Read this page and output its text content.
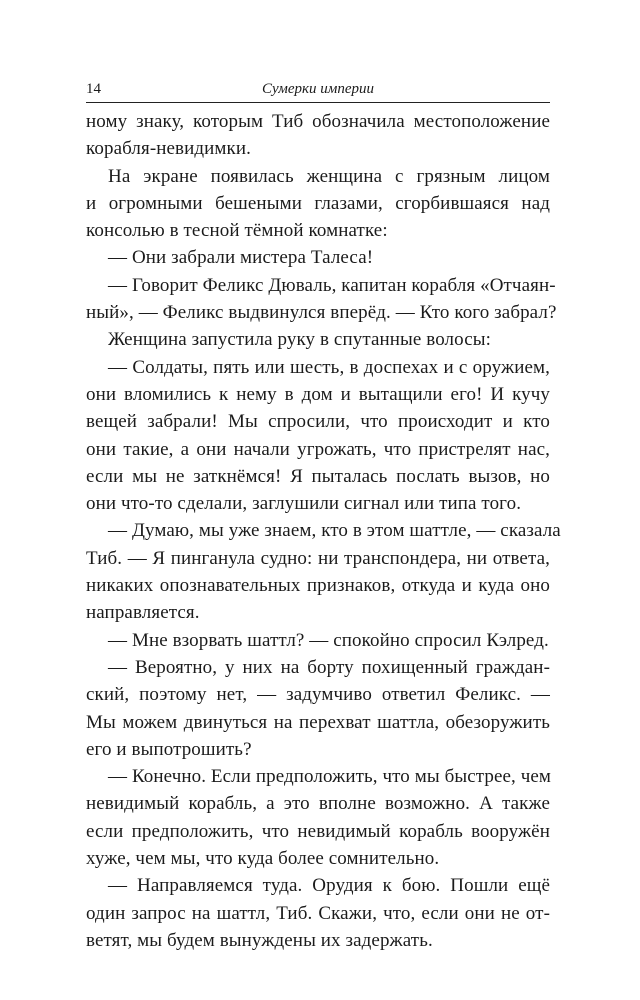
14	Сумерки империи
ному знаку, которым Тиб обозначила местоположение
корабля-невидимки.
На экране появилась женщина с грязным лицом
и огромными бешеными глазами, сгорбившаяся над
консолью в тесной тёмной комнатке:
— Они забрали мистера Талеса!
— Говорит Феликс Дюваль, капитан корабля «Отчаян-
ный», — Феликс выдвинулся вперёд. — Кто кого забрал?
Женщина запустила руку в спутанные волосы:
— Солдаты, пять или шесть, в доспехах и с оружием,
они вломились к нему в дом и вытащили его! И кучу
вещей забрали! Мы спросили, что происходит и кто
они такие, а они начали угрожать, что пристрелят нас,
если мы не заткнёмся! Я пыталась послать вызов, но
они что-то сделали, заглушили сигнал или типа того.
— Думаю, мы уже знаем, кто в этом шаттле, — сказала
Тиб. — Я пинганула судно: ни транспондера, ни ответа,
никаких опознавательных признаков, откуда и куда оно
направляется.
— Мне взорвать шаттл? — спокойно спросил Кэлред.
— Вероятно, у них на борту похищенный граждан-
ский, поэтому нет, — задумчиво ответил Феликс. —
Мы можем двинуться на перехват шаттла, обезоружить
его и выпотрошить?
— Конечно. Если предположить, что мы быстрее, чем
невидимый корабль, а это вполне возможно. А также
если предположить, что невидимый корабль вооружён
хуже, чем мы, что куда более сомнительно.
— Направляемся туда. Орудия к бою. Пошли ещё
один запрос на шаттл, Тиб. Скажи, что, если они не от-
ветят, мы будем вынуждены их задержать.
